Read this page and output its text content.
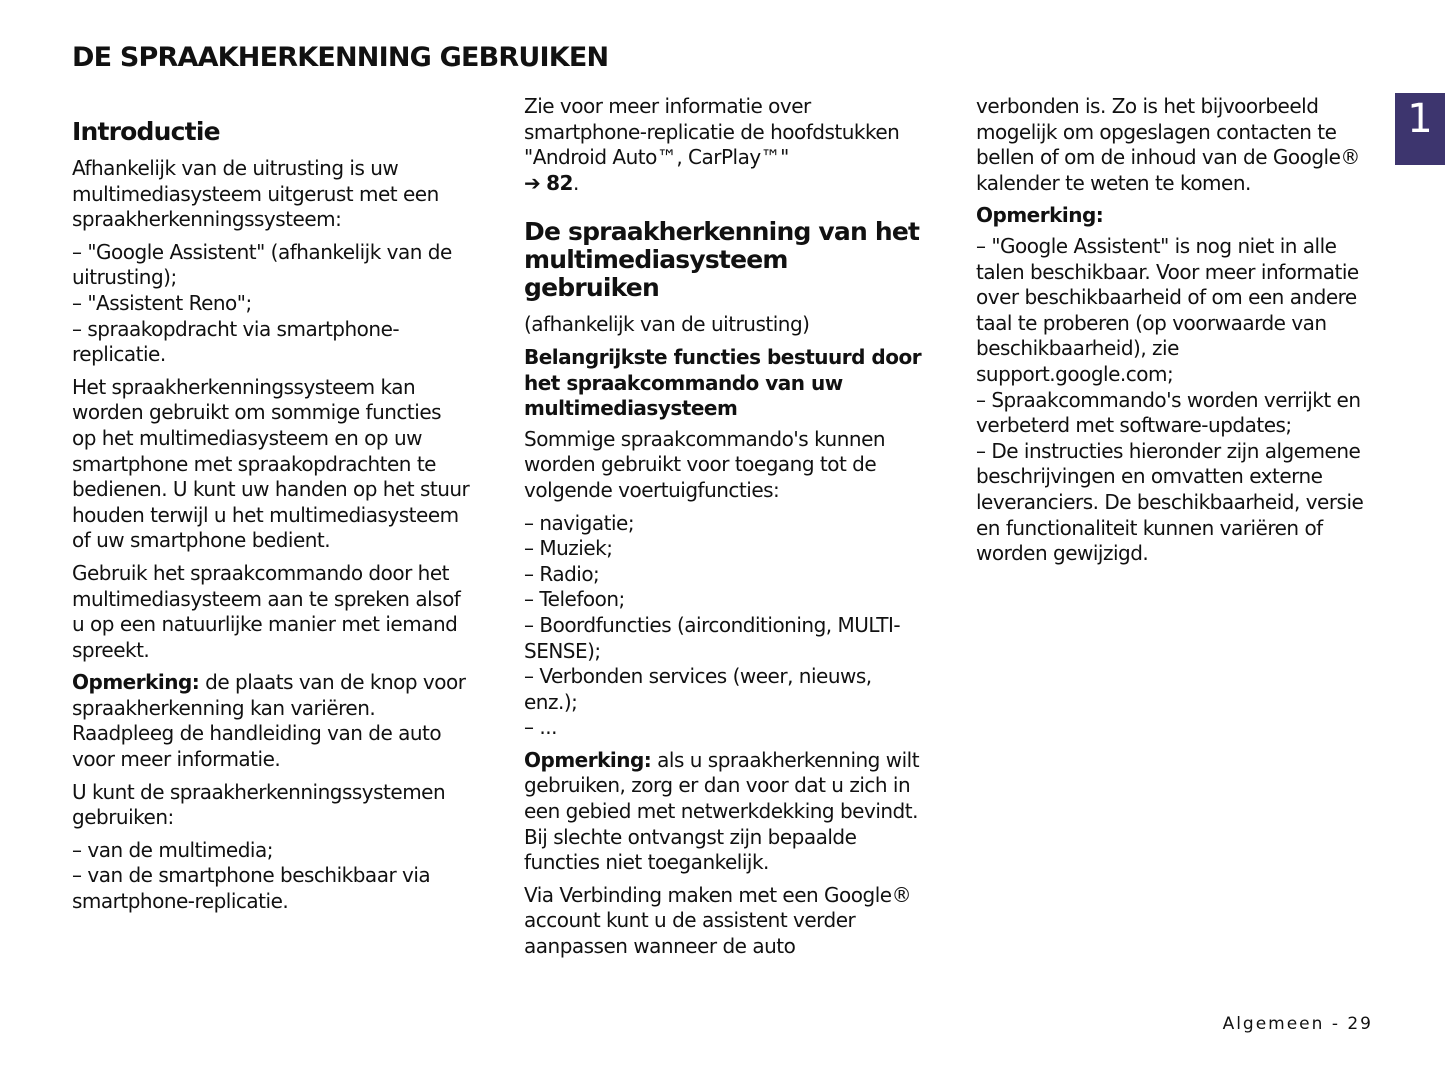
DE SPRAAKHERKENNING GEBRUIKEN
1
Introductie

Afhankelijk van de uitrusting is uw multimediasysteem uitgerust met een spraakherkenningssysteem:

– "Google Assistent" (afhankelijk van de uitrusting);
– "Assistent Reno";
– spraakopdracht via smartphone-replicatie.

Het spraakherkenningssysteem kan worden gebruikt om sommige functies op het multimediasysteem en op uw smartphone met spraakopdrachten te bedienen. U kunt uw handen op het stuur houden terwijl u het multimediasysteem of uw smartphone bedient.

Gebruik het spraakcommando door het multimediasysteem aan te spreken alsof u op een natuurlijke manier met iemand spreekt.

Opmerking: de plaats van de knop voor spraakherkenning kan variëren. Raadpleeg de handleiding van de auto voor meer informatie.

U kunt de spraakherkenningssystemen gebruiken:

– van de multimedia;
– van de smartphone beschikbaar via smartphone-replicatie.

Zie voor meer informatie over smartphone-replicatie de hoofdstukken "Android Auto™, CarPlay™"
➔ 82.

De spraakherkenning van het multimediasysteem gebruiken

(afhankelijk van de uitrusting)

Belangrijkste functies bestuurd door het spraakcommando van uw multimediasysteem

Sommige spraakcommando's kunnen worden gebruikt voor toegang tot de volgende voertuigfuncties:

– navigatie;
– Muziek;
– Radio;
– Telefoon;
– Boordfuncties (airconditioning, MULTI-SENSE);
– Verbonden services (weer, nieuws, enz.);
– ...

Opmerking: als u spraakherkenning wilt gebruiken, zorg er dan voor dat u zich in een gebied met netwerkdekking bevindt. Bij slechte ontvangst zijn bepaalde functies niet toegankelijk.

Via Verbinding maken met een Google® account kunt u de assistent verder aanpassen wanneer de auto

verbonden is. Zo is het bijvoorbeeld mogelijk om opgeslagen contacten te bellen of om de inhoud van de Google® kalender te weten te komen.

Opmerking:
– "Google Assistent" is nog niet in alle talen beschikbaar. Voor meer informatie over beschikbaarheid of om een andere taal te proberen (op voorwaarde van beschikbaarheid), zie support.google.com;
– Spraakcommando's worden verrijkt en verbeterd met software-updates;
– De instructies hieronder zijn algemene beschrijvingen en omvatten externe leveranciers. De beschikbaarheid, versie en functionaliteit kunnen variëren of worden gewijzigd.
Algemeen - 29
